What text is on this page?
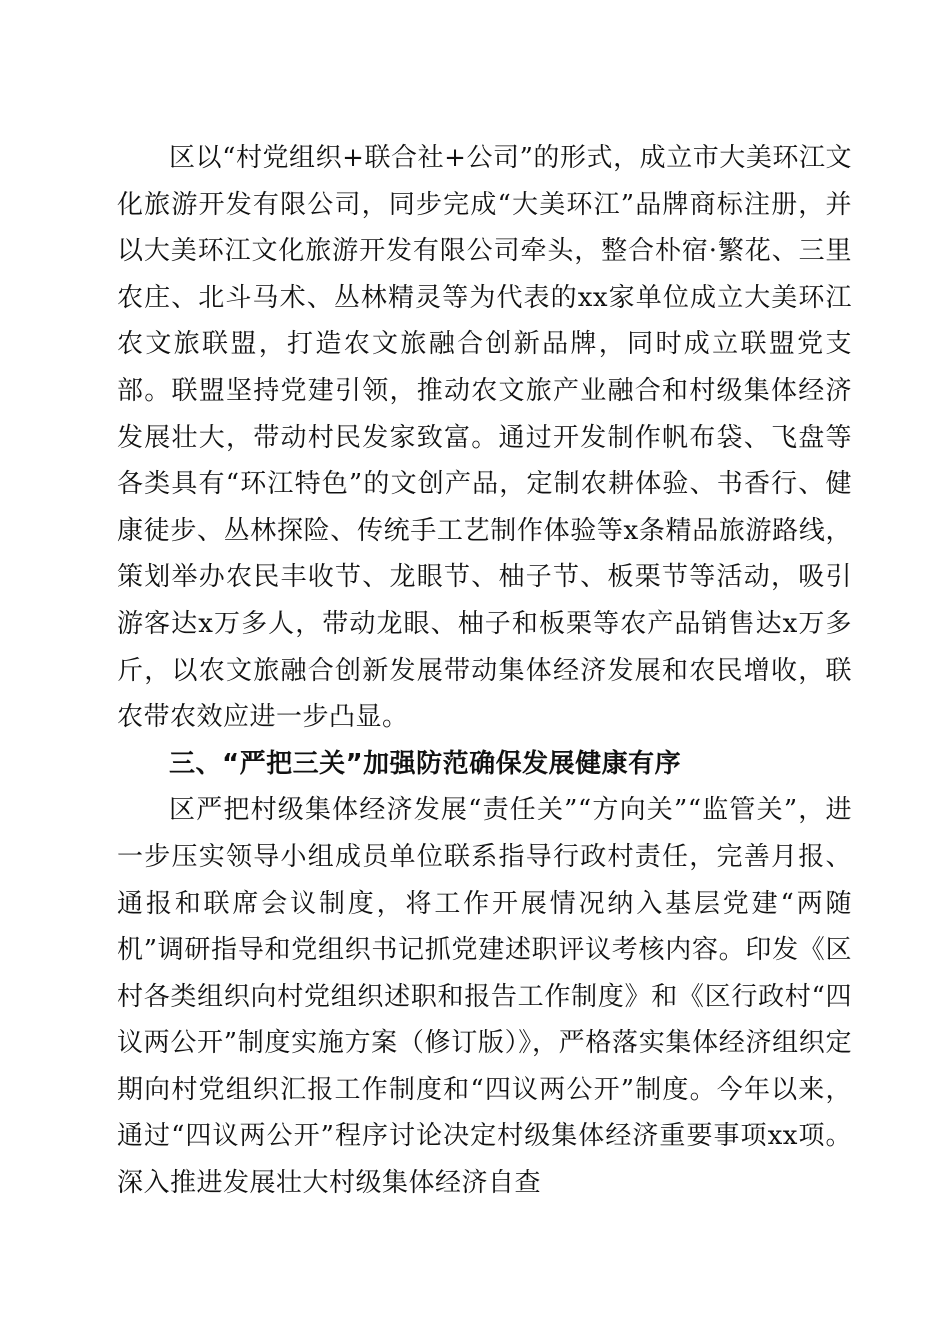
区以“村党组织+联合社+公司”的形式，成立市大美环江文化旅游开发有限公司，同步完成“大美环江”品牌商标注册，并以大美环江文化旅游开发有限公司牵头，整合朴宿·繁花、三里农庄、北斗马术、丛林精灵等为代表的xx家单位成立大美环江农文旅联盟，打造农文旅融合创新品牌，同时成立联盟党支部。联盟坚持党建引领，推动农文旅产业融合和村级集体经济发展壮大，带动村民发家致富。通过开发制作帆布袋、飞盘等各类具有“环江特色”的文创产品，定制农耕体验、书香行、健康徒步、丛林探险、传统手工艺制作体验等x条精品旅游路线，策划举办农民丰收节、龙眼节、柚子节、板栗节等活动，吸引游客达x万多人，带动龙眼、柚子和板栗等农产品销售达x万多斤，以农文旅融合创新发展带动集体经济发展和农民增收，联农带农效应进一步凸显。

三、“严把三关”加强防范确保发展健康有序

区严把村级集体经济发展“责任关”“方向关”“监管关”，进一步压实领导小组成员单位联系指导行政村责任，完善月报、通报和联席会议制度，将工作开展情况纳入基层党建“两随机”调研指导和党组织书记抓党建述职评议考核内容。印发《区村各类组织向村党组织述职和报告工作制度》和《区行政村“四议两公开”制度实施方案（修订版）》，严格落实集体经济组织定期向村党组织汇报工作制度和“四议两公开”制度。今年以来，通过“四议两公开”程序讨论决定村级集体经济重要事项xx项。深入推进发展壮大村级集体经济自查
